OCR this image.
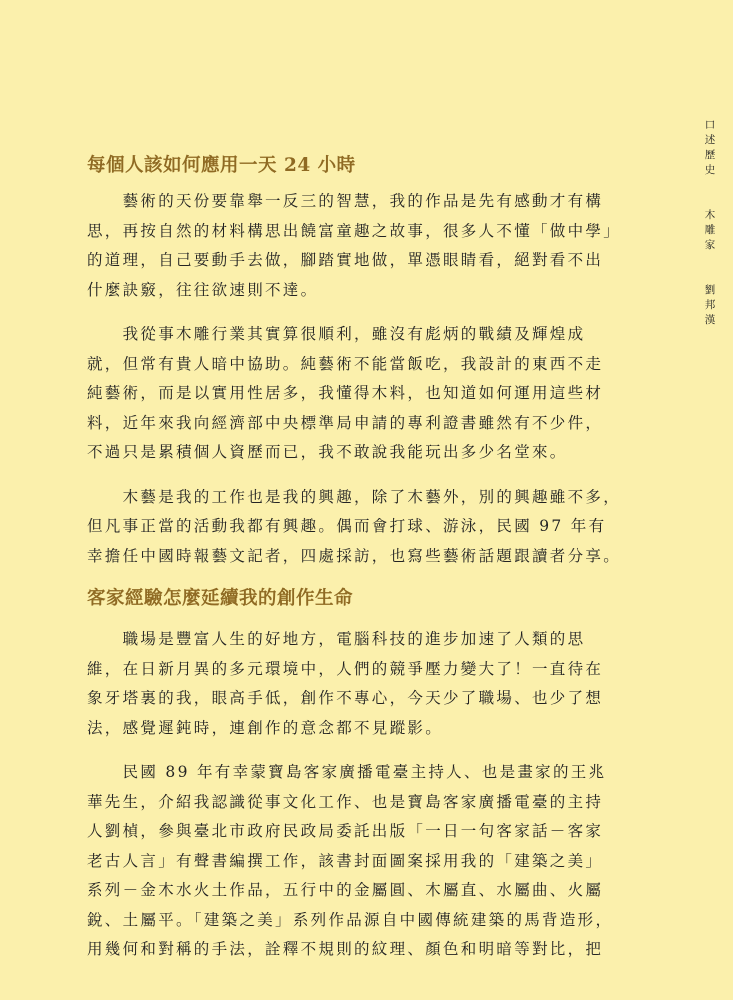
口
述
歷
史
木
雕
家
劉
邦
漢
每個人該如何應用一天 24 小時

　　藝術的天份要靠舉一反三的智慧，我的作品是先有感動才有構
思，再按自然的材料構思出饒富童趣之故事，很多人不懂「做中學」
的道理，自己要動手去做，腳踏實地做，單憑眼睛看，絕對看不出
什麼訣竅，往往欲速則不達。

　　我從事木雕行業其實算很順利，雖沒有彪炳的戰績及輝煌成
就，但常有貴人暗中協助。純藝術不能當飯吃，我設計的東西不走
純藝術，而是以實用性居多，我懂得木料，也知道如何運用這些材
料，近年來我向經濟部中央標準局申請的專利證書雖然有不少件，
不過只是累積個人資歷而已，我不敢說我能玩出多少名堂來。

　　木藝是我的工作也是我的興趣，除了木藝外，別的興趣雖不多，
但凡事正當的活動我都有興趣。偶而會打球、游泳，民國 97 年有
幸擔任中國時報藝文記者，四處採訪，也寫些藝術話題跟讀者分享。

客家經驗怎麼延續我的創作生命

　　職場是豐富人生的好地方，電腦科技的進步加速了人類的思
維，在日新月異的多元環境中，人們的競爭壓力變大了！一直待在
象牙塔裏的我，眼高手低，創作不專心，今天少了職場、也少了想
法，感覺遲鈍時，連創作的意念都不見蹤影。

　　民國 89 年有幸蒙寶島客家廣播電臺主持人、也是畫家的王兆
華先生，介紹我認識從事文化工作、也是寶島客家廣播電臺的主持
人劉楨，參與臺北市政府民政局委託出版「一日一句客家話－客家
老古人言」有聲書編撰工作，該書封面圖案採用我的「建築之美」
系列－金木水火土作品，五行中的金屬圓、木屬直、水屬曲、火屬
銳、土屬平。「建築之美」系列作品源自中國傳統建築的馬背造形，
用幾何和對稱的手法，詮釋不規則的紋理、顏色和明暗等對比，把
